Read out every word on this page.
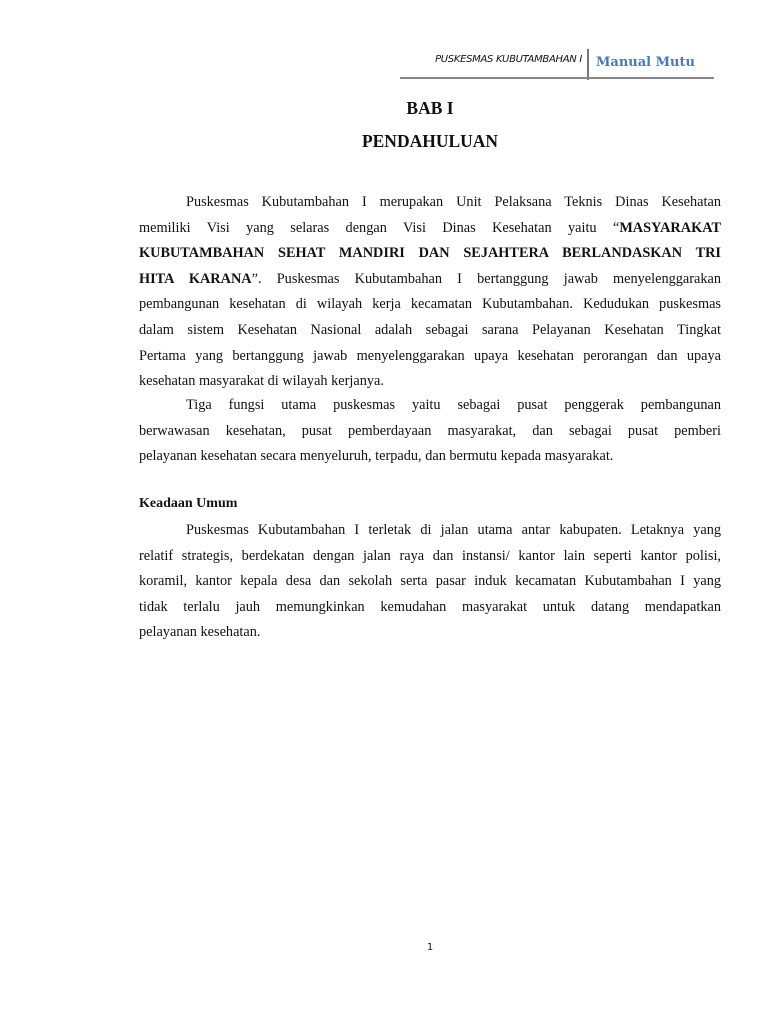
PUSKESMAS KUBUTAMBAHAN I Manual Mutu
BAB I
PENDAHULUAN
Puskesmas Kubutambahan I merupakan Unit Pelaksana Teknis Dinas Kesehatan
memiliki Visi yang selaras dengan Visi Dinas Kesehatan yaitu “MASYARAKAT
KUBUTAMBAHAN SEHAT MANDIRI DAN SEJAHTERA BERLANDASKAN TRI
HITA KARANA”. Puskesmas Kubutambahan I bertanggung jawab menyelenggarakan
pembangunan kesehatan di wilayah kerja kecamatan Kubutambahan. Kedudukan puskesmas
dalam sistem Kesehatan Nasional adalah sebagai sarana Pelayanan Kesehatan Tingkat
Pertama yang bertanggung jawab menyelenggarakan upaya kesehatan perorangan dan upaya
kesehatan masyarakat di wilayah kerjanya.
Tiga fungsi utama puskesmas yaitu sebagai pusat penggerak pembangunan
berwawasan kesehatan, pusat pemberdayaan masyarakat, dan sebagai pusat pemberi
pelayanan kesehatan secara menyeluruh, terpadu, dan bermutu kepada masyarakat.
Keadaan Umum
Puskesmas Kubutambahan I terletak di jalan utama antar kabupaten. Letaknya yang
relatif strategis, berdekatan dengan jalan raya dan instansi/ kantor lain seperti kantor polisi,
koramil, kantor kepala desa dan sekolah serta pasar induk kecamatan Kubutambahan I yang
tidak terlalu jauh memungkinkan kemudahan masyarakat untuk datang mendapatkan
pelayanan kesehatan.
1
